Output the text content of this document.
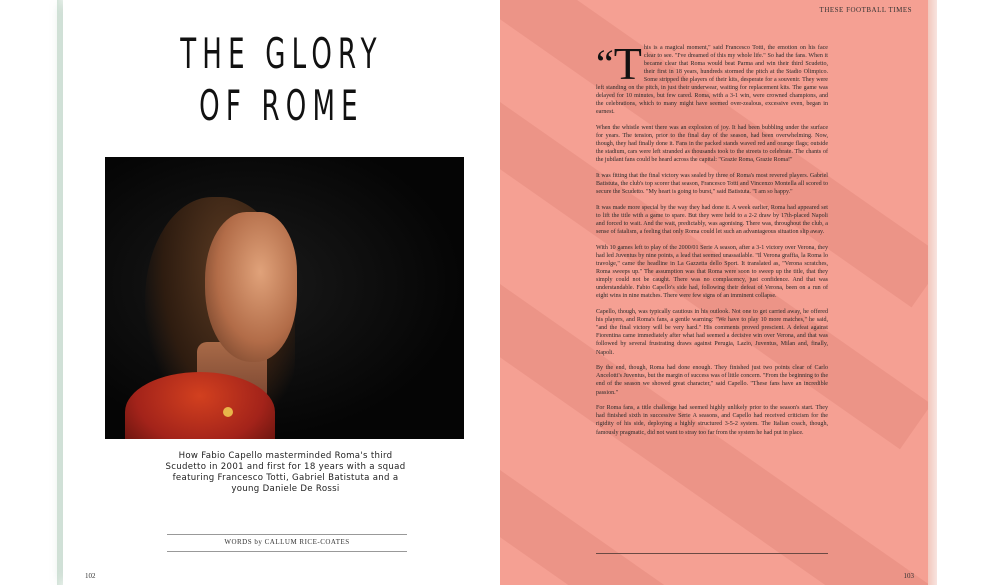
THE GLORY
OF ROME

How Fabio Capello masterminded Roma's third Scudetto in 2001 and first for 18 years with a squad featuring Francesco Totti, Gabriel Batistuta and a young Daniele De Rossi

WORDS by CALLUM RICE-COATES
102
THESE FOOTBALL TIMES

“T his is a magical moment," said Francesco Totti, the emotion on his face clear to see. "I've dreamed of this my whole life." So had the fans. When it became clear that Roma would beat Parma and win their third Scudetto, their first in 18 years, hundreds stormed the pitch at the Stadio Olimpico. Some stripped the players of their kits, desperate for a souvenir. They were left standing on the pitch, in just their underwear, waiting for replacement kits. The game was delayed for 10 minutes, but few cared. Roma, with a 3-1 win, were crowned champions, and the celebrations, which to many might have seemed over-zealous, excessive even, began in earnest.

When the whistle went there was an explosion of joy. It had been bubbling under the surface for years. The tension, prior to the final day of the season, had been overwhelming. Now, though, they had finally done it. Fans in the packed stands waved red and orange flags; outside the stadium, cars were left stranded as thousands took to the streets to celebrate. The chants of the jubilant fans could be heard across the capital: "Grazie Roma, Grazie Roma!"

It was fitting that the final victory was sealed by three of Roma's most revered players. Gabriel Batistuta, the club's top scorer that season, Francesco Totti and Vincenzo Montella all scored to secure the Scudetto. "My heart is going to burst," said Batistuta. "I am so happy."

It was made more special by the way they had done it. A week earlier, Roma had appeared set to lift the title with a game to spare. But they were held to a 2-2 draw by 17th-placed Napoli and forced to wait. And the wait, predictably, was agonising. There was, throughout the club, a sense of fatalism, a feeling that only Roma could let such an advantageous situation slip away.

With 10 games left to play of the 2000/01 Serie A season, after a 3-1 victory over Verona, they had led Juventus by nine points, a lead that seemed unassailable. "Il Verona graffia, la Roma lo travolge," came the headline in La Gazzetta dello Sport. It translated as, "Verona scratches, Roma sweeps up." The assumption was that Roma were soon to sweep up the title, that they simply could not be caught. There was no complacency, just confidence. And that was understandable. Fabio Capello's side had, following their defeat of Verona, been on a run of eight wins in nine matches. There were few signs of an imminent collapse.

Capello, though, was typically cautious in his outlook. Not one to get carried away, he offered his players, and Roma's fans, a gentle warning: "We have to play 10 more matches," he said, "and the final victory will be very hard." His comments proved prescient. A defeat against Fiorentina came immediately after what had seemed a decisive win over Verona, and that was followed by several frustrating draws against Perugia, Lazio, Juventus, Milan and, finally, Napoli.

By the end, though, Roma had done enough. They finished just two points clear of Carlo Ancelotti's Juventus, but the margin of success was of little concern. "From the beginning to the end of the season we showed great character," said Capello. "These fans have an incredible passion."

For Roma fans, a title challenge had seemed highly unlikely prior to the season's start. They had finished sixth in successive Serie A seasons, and Capello had received criticism for the rigidity of his side, deploying a highly structured 3-5-2 system. The Italian coach, though, famously pragmatic, did not want to stray too far from the system he had put in place.

103
